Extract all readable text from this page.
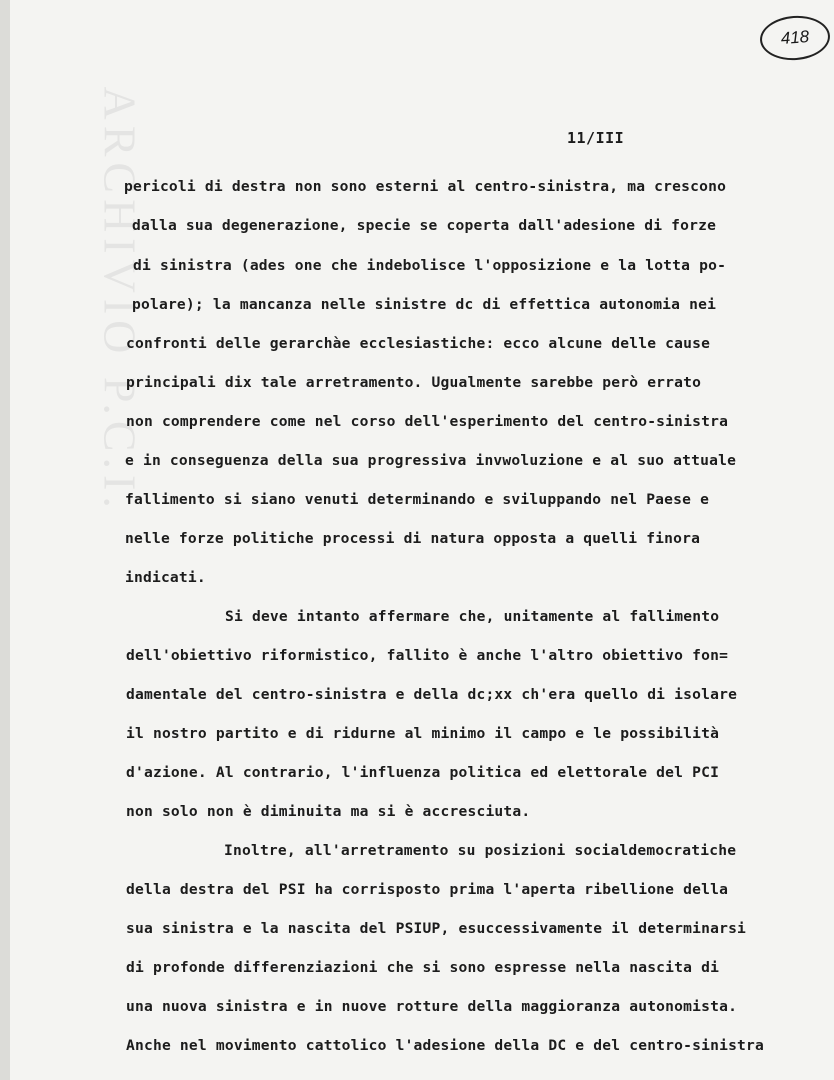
ARCHIVIO P.C.I.
418
11/III
pericoli di destra non sono esterni al centro-sinistra, ma crescono
dalla sua degenerazione, specie se coperta dall'adesione di forze
di sinistra (ades one che indebolisce l'opposizione e la lotta po-
polare); la mancanza nelle sinistre dc di effettica autonomia nei
confronti delle gerarchàe ecclesiastiche: ecco alcune delle cause
principali dix tale arretramento. Ugualmente sarebbe però errato
non comprendere come nel corso dell'esperimento del centro-sinistra
e in conseguenza della sua progressiva invwoluzione e al suo attuale
fallimento si siano venuti determinando e sviluppando nel Paese e
nelle forze politiche processi di natura opposta a quelli finora
indicati.
Si deve intanto affermare che, unitamente al fallimento
dell'obiettivo riformistico, fallito è anche l'altro obiettivo fon=
damentale del centro-sinistra e della dc;xx ch'era quello di isolare
il nostro partito e di ridurne al minimo il campo e le possibilità
d'azione. Al contrario, l'influenza politica ed elettorale del PCI
non solo non è diminuita ma si è accresciuta.
Inoltre, all'arretramento su posizioni socialdemocratiche
della destra del PSI ha corrisposto prima l'aperta ribellione della
sua sinistra e la nascita del PSIUP, esuccessivamente il determinarsi
di profonde differenziazioni che si sono espresse nella nascita di
una nuova sinistra e in nuove rotture della maggioranza autonomista.
Anche nel movimento cattolico l'adesione della DC e del centro-sinistra
